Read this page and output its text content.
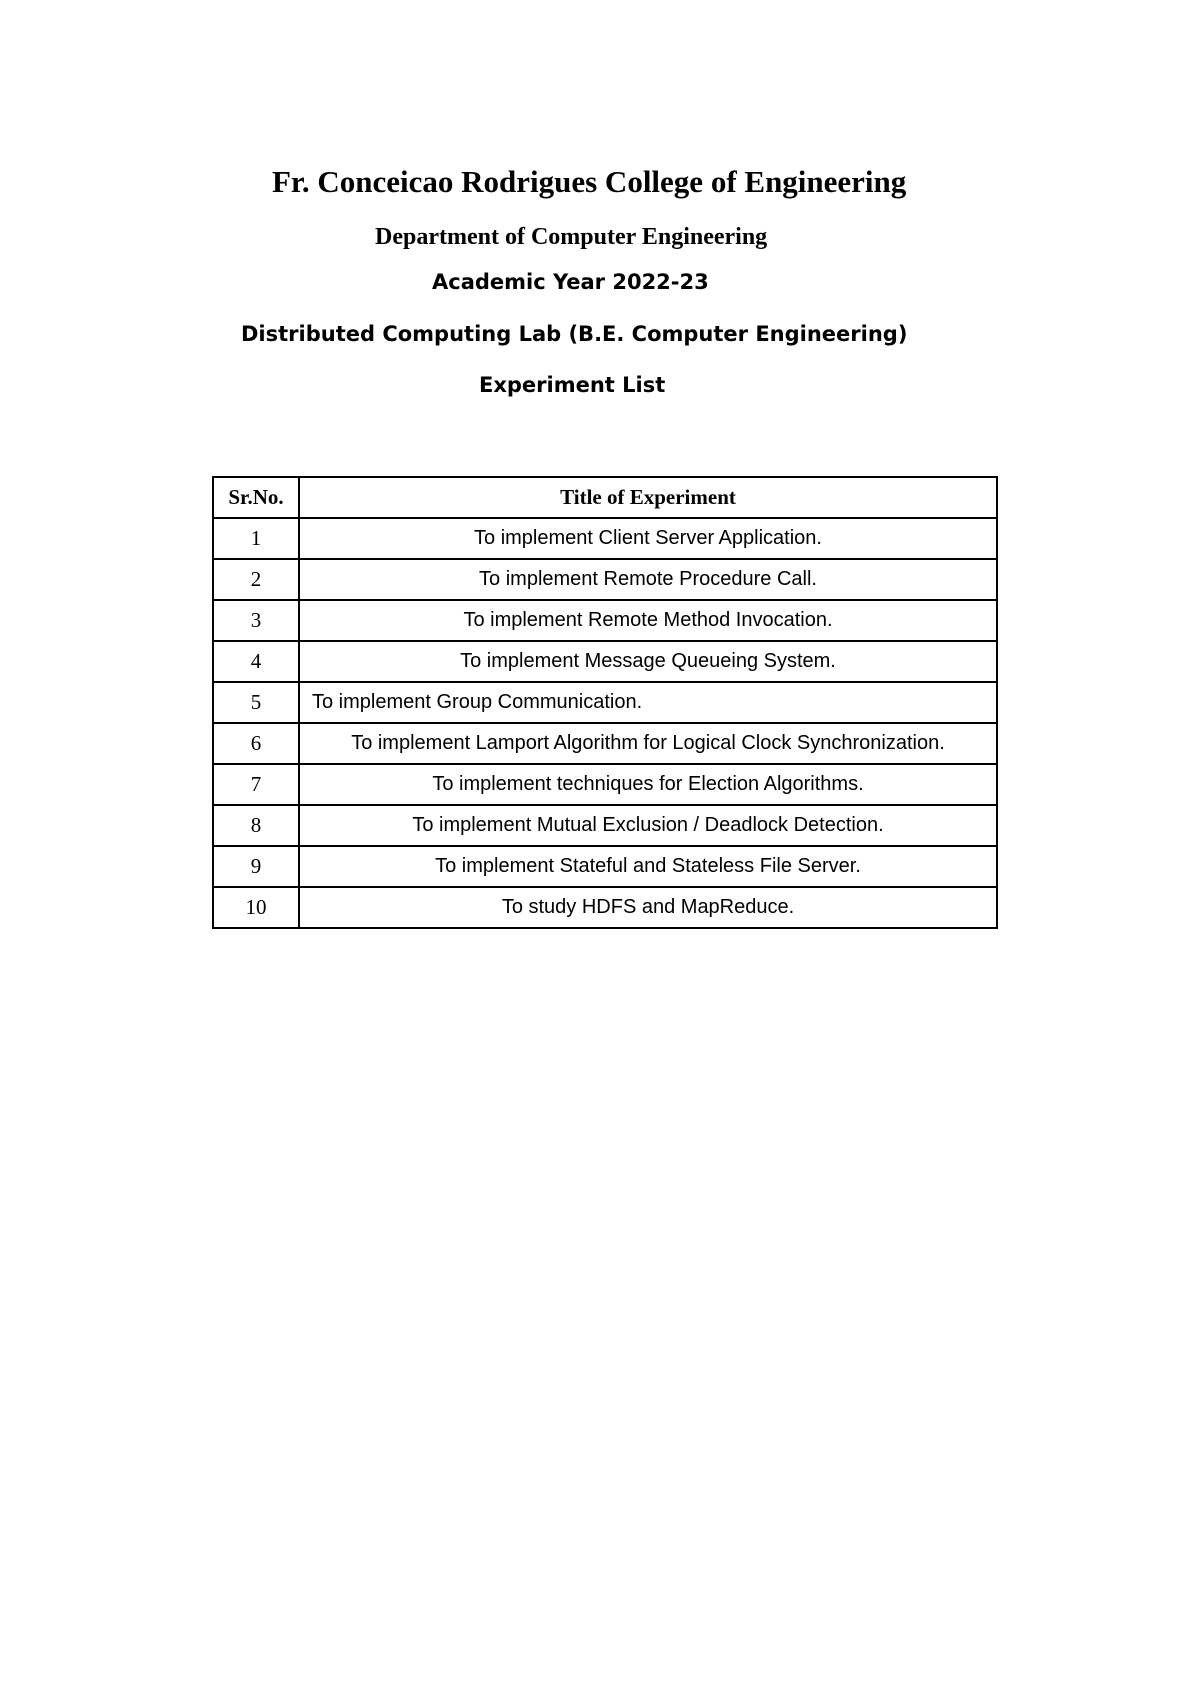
Fr. Conceicao Rodrigues College of Engineering
Department of Computer Engineering
Academic Year 2022-23
Distributed Computing Lab (B.E. Computer Engineering)
Experiment List
Sr.No.	Title of Experiment
1	To implement Client Server Application.
2	To implement Remote Procedure Call.
3	To implement Remote Method Invocation.
4	To implement Message Queueing System.
5	To implement Group Communication.
6	To implement Lamport Algorithm for Logical Clock Synchronization.
7	To implement techniques for Election Algorithms.
8	To implement Mutual Exclusion / Deadlock Detection.
9	To implement Stateful and Stateless File Server.
10	To study HDFS and MapReduce.
